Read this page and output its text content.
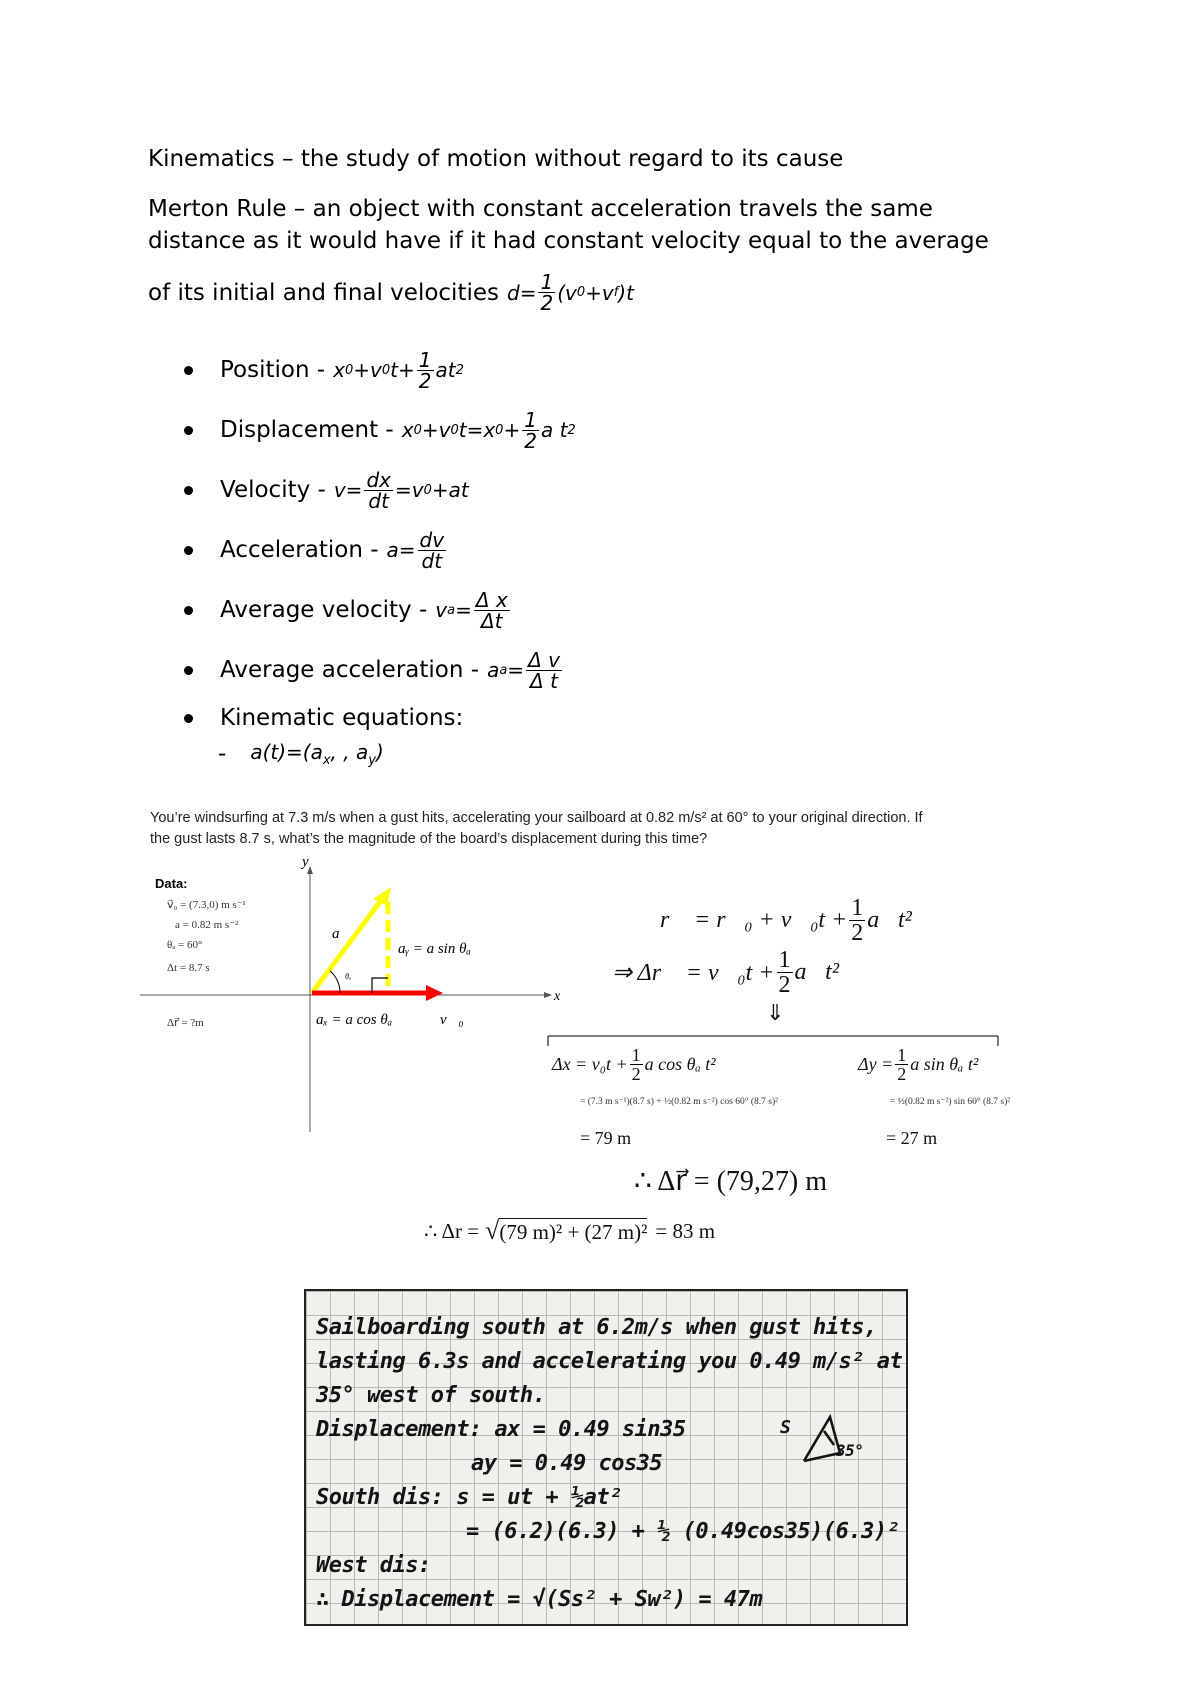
Kinematics – the study of motion without regard to its cause
Merton Rule – an object with constant acceleration travels the same
distance as it would have if it had constant velocity equal to the average
of its initial and final velocities $d= \frac{1}{2} (v$ 0 +v f )t
Position - x 0 +v 0 $t+ \frac{1}{2}$ at 2
Displacement - x 0 +v 0 t=x $0 + \frac{1}{2}$ a t 2
Velocity - $v= \frac{dx}{dt} =v$ 0 +at
Acceleration - $a= \frac{dv}{dt}$
Average velocity - v $a = \frac{\text{Δ x}}{\Delta t}$
Average acceleration - a $a = \frac{\text{Δ v}}{\text{Δ t}}$
Kinematic equations:
- $a(t)=(a_x$, , $a_y$)
You’re windsurfing at 7.3 m/s when a gust hits, accelerating your sailboard at 0.82 m/s² at 60° to your original direction. If
the gust lasts 8.7 s, what’s the magnitude of the board’s displacement during this time?
Data:
v⃗₀ = (7.3,0) m s⁻¹
a = 0.82 m s⁻²
θₐ = 60°
Δt = 8.7 s
Δr⃗ = ?m
y
x
a⃗
aᵧ = a sin θₐ
aₓ = a cos θₐ	v⃗₀
θₐ
r⃗ = r⃗₀ + v⃗₀t + $\frac{1}{2}$ a⃗t²
⇒ Δr⃗ = v⃗₀t + $\frac{1}{2}$ a⃗t²
⇓
$\Delta x = v_0t + \frac{1}{2}$ a cos θₐ t²	$\Delta y = \frac{1}{2}$ a sin θₐ t²
= (7.3 m s⁻¹)(8.7 s) + ½(0.82 m s⁻²) cos 60° (8.7 s)²	= ½(0.82 m s⁻²) sin 60° (8.7 s)²
= 79 m	= 27 m
∴ Δr⃗ = (79,27) m
∴ Δr = √ (79 m)² + (27 m)² = 83 m
Sailboarding south at 6.2m/s when gust hits,
lasting 6.3s and accelerating you 0.49 m/s² at
35° west of south.
Displacement: ax = 0.49 sin35
ay = 0.49 cos35
South dis: s = ut + ½at²
= (6.2)(6.3) + ½ (0.49cos35)(6.3)²
West dis:
∴ Displacement = √(Ss² + Sw²) = 47m
S
35°
